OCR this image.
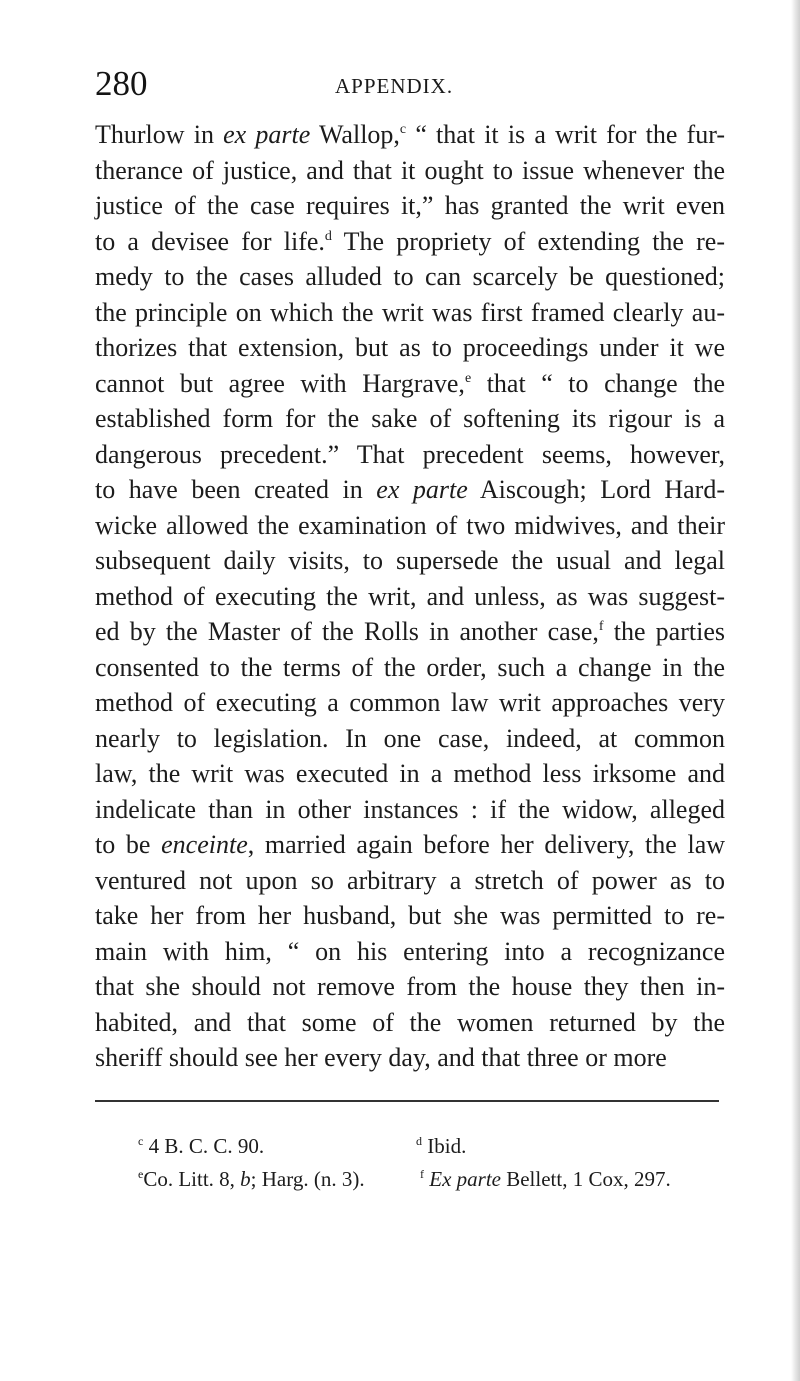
280	APPENDIX.
Thurlow in ex parte Wallop,$^c$ “ that it is a writ for the fur-
therance of justice, and that it ought to issue whenever the
justice of the case requires it,” has granted the writ even
to a devisee for life.$^d$ The propriety of extending the re-
medy to the cases alluded to can scarcely be questioned;
the principle on which the writ was first framed clearly au-
thorizes that extension, but as to proceedings under it we
cannot but agree with Hargrave,$^e$ that “ to change the
established form for the sake of softening its rigour is a
dangerous precedent.” That precedent seems, however,
to have been created in ex parte Aiscough; Lord Hard-
wicke allowed the examination of two midwives, and their
subsequent daily visits, to supersede the usual and legal
method of executing the writ, and unless, as was suggest-
ed by the Master of the Rolls in another case,$^f$ the parties
consented to the terms of the order, such a change in the
method of executing a common law writ approaches very
nearly to legislation. In one case, indeed, at common
law, the writ was executed in a method less irksome and
indelicate than in other instances : if the widow, alleged
to be enceinte, married again before her delivery, the law
ventured not upon so arbitrary a stretch of power as to
take her from her husband, but she was permitted to re-
main with him, “ on his entering into a recognizance
that she should not remove from the house they then in-
habited, and that some of the women returned by the
sheriff should see her every day, and that three or more
$^c$ 4 B. C. C. 90.	$^d$ Ibid.
$^e$Co. Litt. 8, b; Harg. (n. 3).	$^f$ Ex parte Bellett, 1 Cox, 297.
